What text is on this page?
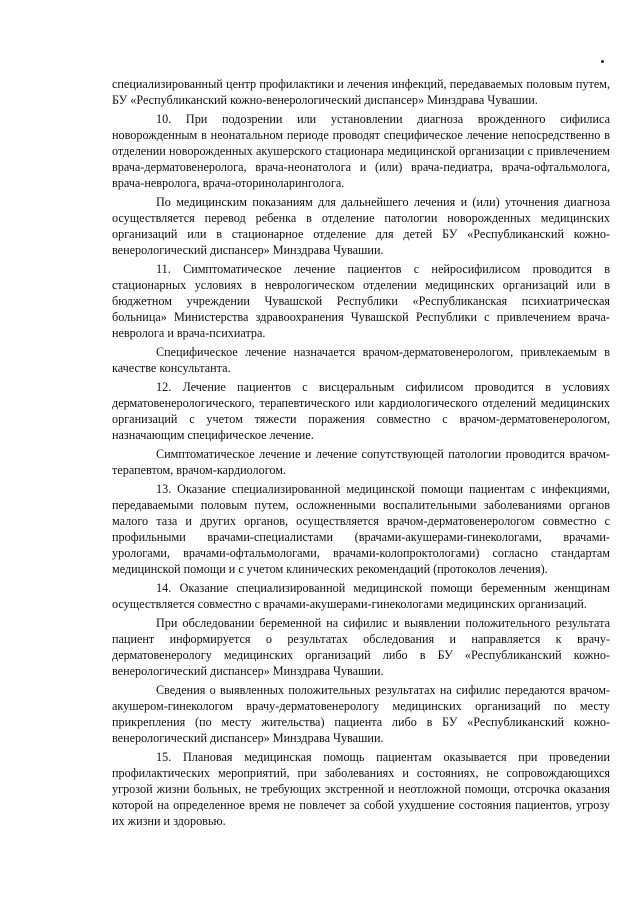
специализированный центр профилактики и лечения инфекций, передаваемых половым путем, БУ «Республиканский кожно-венерологический диспансер» Минздрава Чувашии.

10. При подозрении или установлении диагноза врожденного сифилиса новорожденным в неонатальном периоде проводят специфическое лечение непосредственно в отделении новорожденных акушерского стационара медицинской организации с привлечением врача-дерматовенеролога, врача-неонатолога и (или) врача-педиатра, врача-офтальмолога, врача-невролога, врача-оториноларинголога.

По медицинским показаниям для дальнейшего лечения и (или) уточнения диагноза осуществляется перевод ребенка в отделение патологии новорожденных медицинских организаций или в стационарное отделение для детей БУ «Республиканский кожно-венерологический диспансер» Минздрава Чувашии.

11. Симптоматическое лечение пациентов с нейросифилисом проводится в стационарных условиях в неврологическом отделении медицинских организаций или в бюджетном учреждении Чувашской Республики «Республиканская психиатрическая больница» Министерства здравоохранения Чувашской Республики с привлечением врача-невролога и врача-психиатра.

Специфическое лечение назначается врачом-дерматовенерологом, привлекаемым в качестве консультанта.

12. Лечение пациентов с висцеральным сифилисом проводится в условиях дерматовенерологического, терапевтического или кардиологического отделений медицинских организаций с учетом тяжести поражения совместно с врачом-дерматовенерологом, назначающим специфическое лечение.

Симптоматическое лечение и лечение сопутствующей патологии проводится врачом-терапевтом, врачом-кардиологом.

13. Оказание специализированной медицинской помощи пациентам с инфекциями, передаваемыми половым путем, осложненными воспалительными заболеваниями органов малого таза и других органов, осуществляется врачом-дерматовенерологом совместно с профильными врачами-специалистами (врачами-акушерами-гинекологами, врачами-урологами, врачами-офтальмологами, врачами-колопроктологами) согласно стандартам медицинской помощи и с учетом клинических рекомендаций (протоколов лечения).

14. Оказание специализированной медицинской помощи беременным женщинам осуществляется совместно с врачами-акушерами-гинекологами медицинских организаций.

При обследовании беременной на сифилис и выявлении положительного результата пациент информируется о результатах обследования и направляется к врачу-дерматовенерологу медицинских организаций либо в БУ «Республиканский кожно-венерологический диспансер» Минздрава Чувашии.

Сведения о выявленных положительных результатах на сифилис передаются врачом-акушером-гинекологом врачу-дерматовенерологу медицинских организаций по месту прикрепления (по месту жительства) пациента либо в БУ «Республиканский кожно-венерологический диспансер» Минздрава Чувашии.

15. Плановая медицинская помощь пациентам оказывается при проведении профилактических мероприятий, при заболеваниях и состояниях, не сопровождающихся угрозой жизни больных, не требующих экстренной и неотложной помощи, отсрочка оказания которой на определенное время не повлечет за собой ухудшение состояния пациентов, угрозу их жизни и здоровью.
